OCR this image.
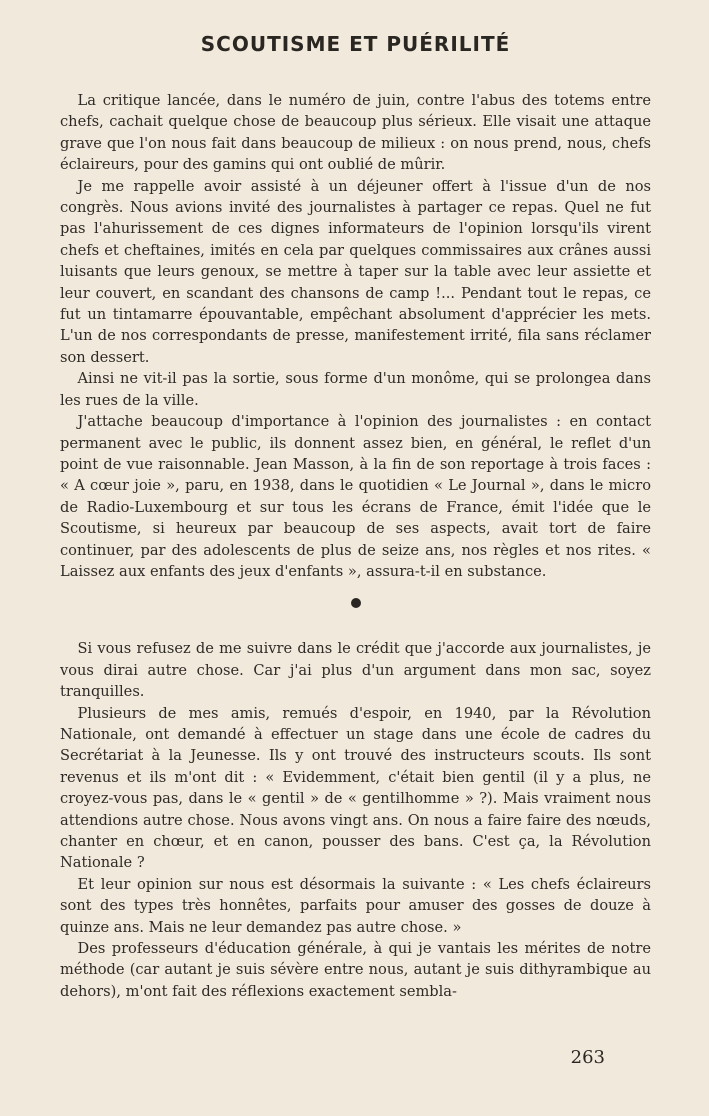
SCOUTISME ET PUÉRILITÉ

La critique lancée, dans le numéro de juin, contre l'abus des totems entre chefs, cachait quelque chose de beaucoup plus sérieux. Elle visait une attaque grave que l'on nous fait dans beaucoup de milieux : on nous prend, nous, chefs éclaireurs, pour des gamins qui ont oublié de mûrir.

Je me rappelle avoir assisté à un déjeuner offert à l'issue d'un de nos congrès. Nous avions invité des journalistes à partager ce repas. Quel ne fut pas l'ahurissement de ces dignes informateurs de l'opinion lorsqu'ils virent chefs et cheftaines, imités en cela par quelques commissaires aux crânes aussi luisants que leurs genoux, se mettre à taper sur la table avec leur assiette et leur couvert, en scandant des chansons de camp !... Pendant tout le repas, ce fut un tintamarre épouvantable, empêchant absolument d'apprécier les mets. L'un de nos correspondants de presse, manifestement irrité, fila sans réclamer son dessert.

Ainsi ne vit-il pas la sortie, sous forme d'un monôme, qui se prolongea dans les rues de la ville.

J'attache beaucoup d'importance à l'opinion des journalistes : en contact permanent avec le public, ils donnent assez bien, en général, le reflet d'un point de vue raisonnable. Jean Masson, à la fin de son reportage à trois faces : « A cœur joie », paru, en 1938, dans le quotidien « Le Journal », dans le micro de Radio-Luxembourg et sur tous les écrans de France, émit l'idée que le Scoutisme, si heureux par beaucoup de ses aspects, avait tort de faire continuer, par des adolescents de plus de seize ans, nos règles et nos rites. « Laissez aux enfants des jeux d'enfants », assura-t-il en substance.

Si vous refusez de me suivre dans le crédit que j'accorde aux journalistes, je vous dirai autre chose. Car j'ai plus d'un argument dans mon sac, soyez tranquilles.

Plusieurs de mes amis, remués d'espoir, en 1940, par la Révolution Nationale, ont demandé à effectuer un stage dans une école de cadres du Secrétariat à la Jeunesse. Ils y ont trouvé des instructeurs scouts. Ils sont revenus et ils m'ont dit : « Evidemment, c'était bien gentil (il y a plus, ne croyez-vous pas, dans le « gentil » de « gentilhomme » ?). Mais vraiment nous attendions autre chose. Nous avons vingt ans. On nous a faire faire des nœuds, chanter en chœur, et en canon, pousser des bans. C'est ça, la Révolution Nationale ?

Et leur opinion sur nous est désormais la suivante : « Les chefs éclaireurs sont des types très honnêtes, parfaits pour amuser des gosses de douze à quinze ans. Mais ne leur demandez pas autre chose. »

Des professeurs d'éducation générale, à qui je vantais les mérites de notre méthode (car autant je suis sévère entre nous, autant je suis dithyrambique au dehors), m'ont fait des réflexions exactement sembla-

263
